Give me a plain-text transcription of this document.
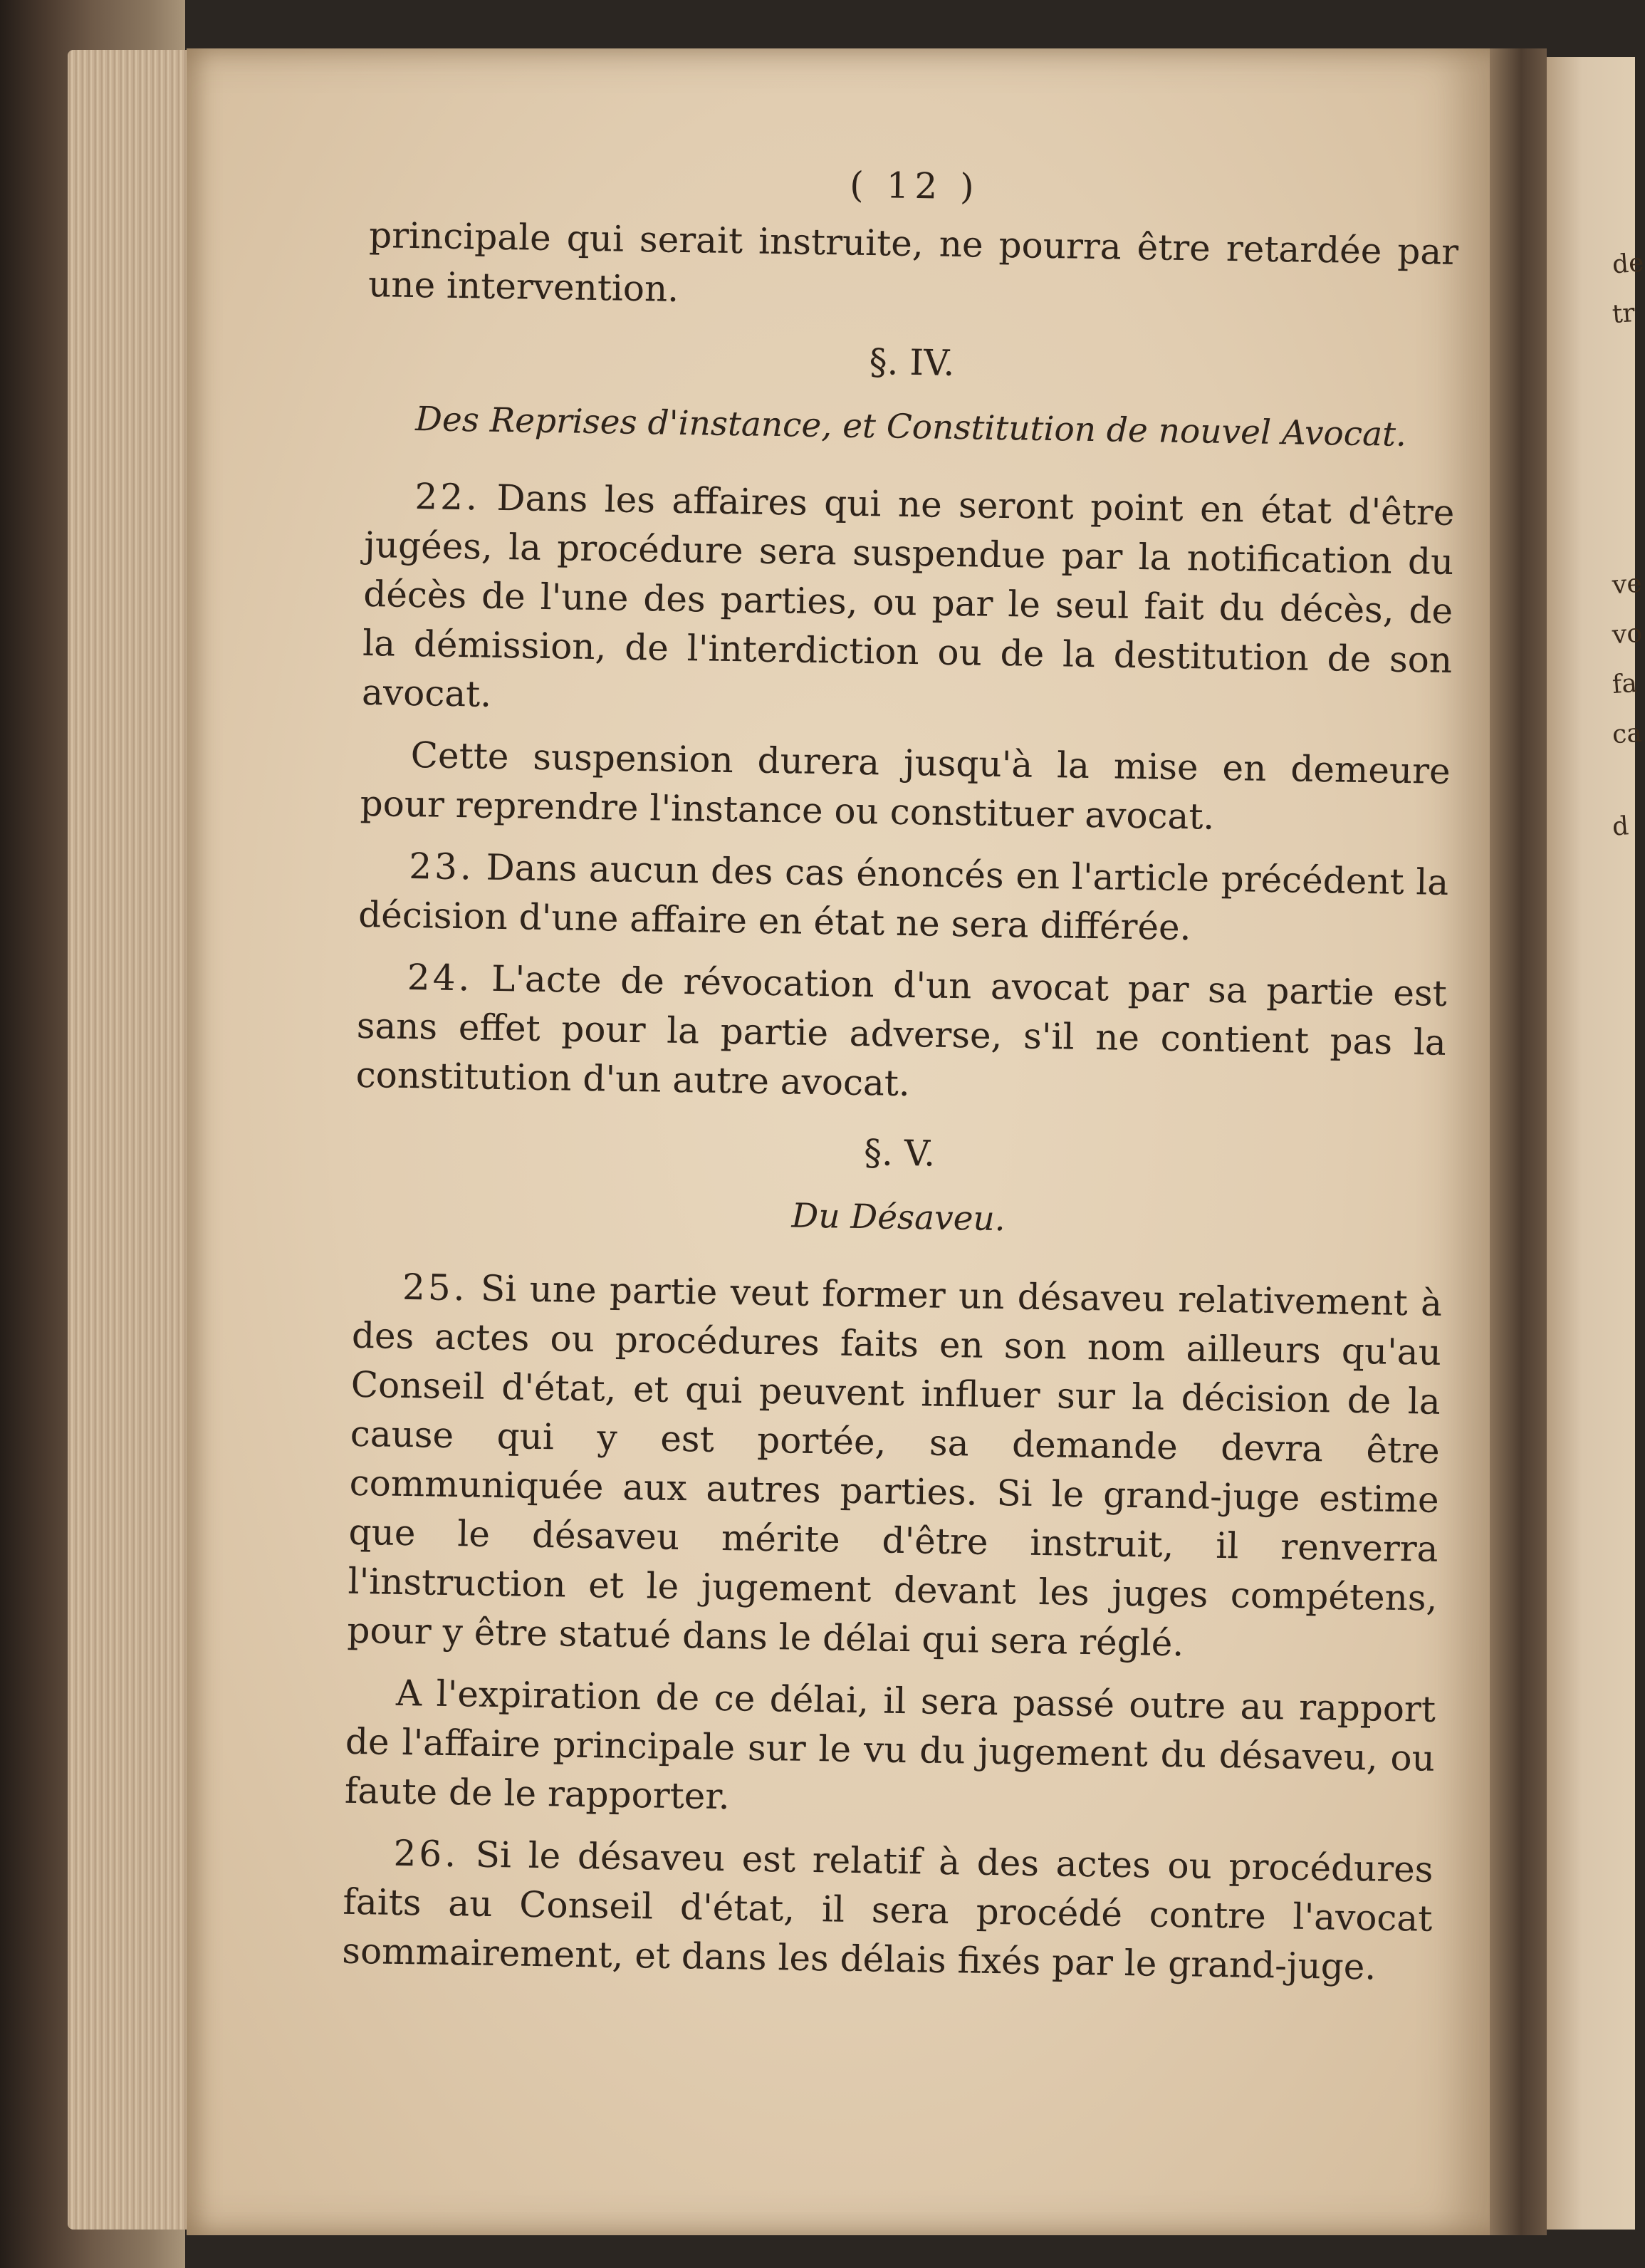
de
tr
ve
vo
fa
ca
d
( 12 )

principale qui serait instruite, ne pourra être retardée par une intervention.

§. IV.
Des Reprises d'instance, et Constitution de nouvel Avocat.

22. Dans les affaires qui ne seront point en état d'être jugées, la procédure sera suspendue par la notification du décès de l'une des parties, ou par le seul fait du décès, de la démission, de l'interdiction ou de la destitution de son avocat.

Cette suspension durera jusqu'à la mise en demeure pour reprendre l'instance ou constituer avocat.

23. Dans aucun des cas énoncés en l'article précédent la décision d'une affaire en état ne sera différée.

24. L'acte de révocation d'un avocat par sa partie est sans effet pour la partie adverse, s'il ne contient pas la constitution d'un autre avocat.

§. V.
Du Désaveu.

25. Si une partie veut former un désaveu relativement à des actes ou procédures faits en son nom ailleurs qu'au Conseil d'état, et qui peuvent influer sur la décision de la cause qui y est portée, sa demande devra être communiquée aux autres parties. Si le grand-juge estime que le désaveu mérite d'être instruit, il renverra l'instruction et le jugement devant les juges compétens, pour y être statué dans le délai qui sera réglé.

A l'expiration de ce délai, il sera passé outre au rapport de l'affaire principale sur le vu du jugement du désaveu, ou faute de le rapporter.

26. Si le désaveu est relatif à des actes ou procédures faits au Conseil d'état, il sera procédé contre l'avocat sommairement, et dans les délais fixés par le grand-juge.
